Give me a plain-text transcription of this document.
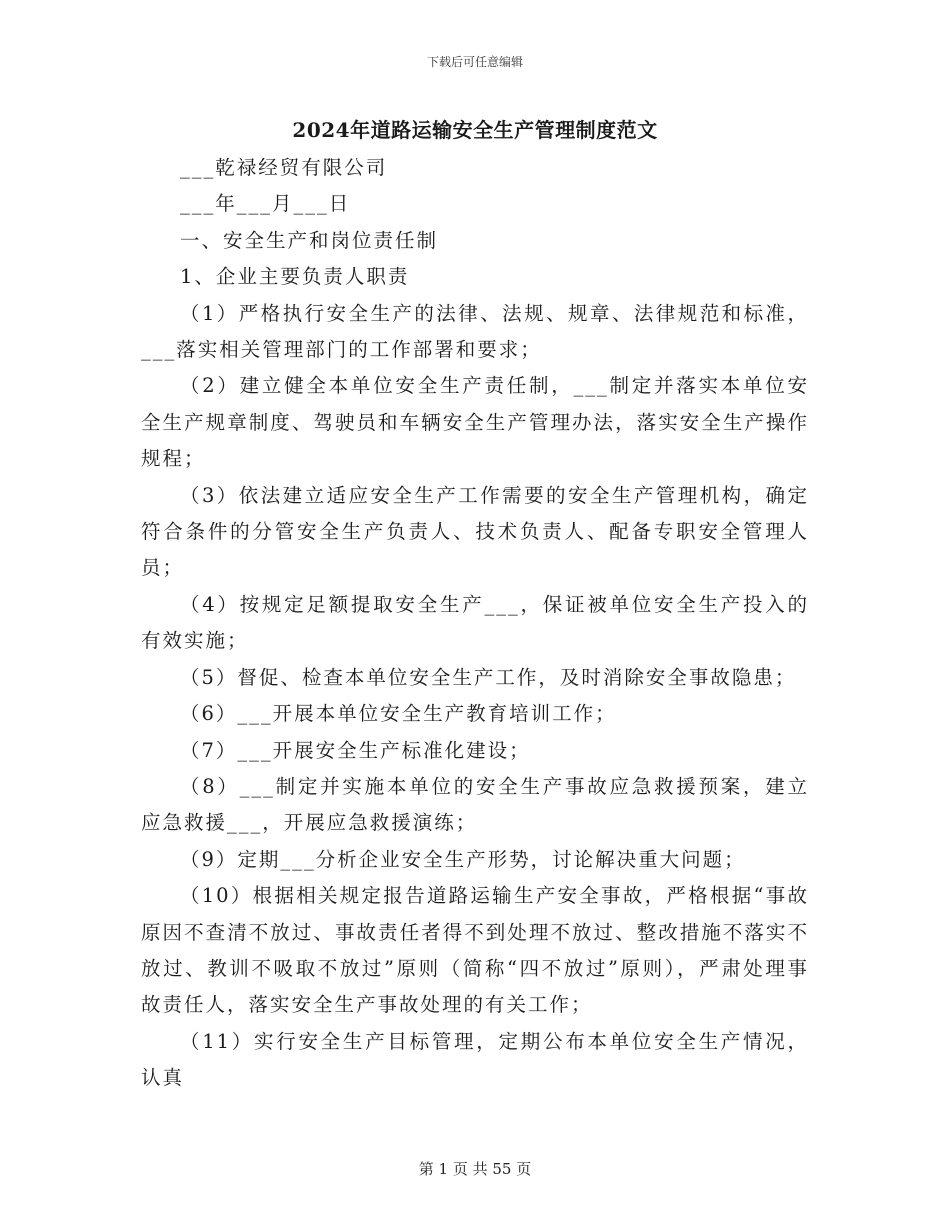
下载后可任意编辑
2024年道路运输安全生产管理制度范文

___乾禄经贸有限公司

___年___月___日

一、安全生产和岗位责任制

1、企业主要负责人职责

（1）严格执行安全生产的法律、法规、规章、法律规范和标准，___落实相关管理部门的工作部署和要求；

（2）建立健全本单位安全生产责任制，___制定并落实本单位安全生产规章制度、驾驶员和车辆安全生产管理办法，落实安全生产操作规程；

（3）依法建立适应安全生产工作需要的安全生产管理机构，确定符合条件的分管安全生产负责人、技术负责人、配备专职安全管理人员；

（4）按规定足额提取安全生产___，保证被单位安全生产投入的有效实施；

（5）督促、检查本单位安全生产工作，及时消除安全事故隐患；

（6）___开展本单位安全生产教育培训工作；

（7）___开展安全生产标准化建设；

（8）___制定并实施本单位的安全生产事故应急救援预案，建立应急救援___，开展应急救援演练；

（9）定期___分析企业安全生产形势，讨论解决重大问题；

（10）根据相关规定报告道路运输生产安全事故，严格根据“事故原因不查清不放过、事故责任者得不到处理不放过、整改措施不落实不放过、教训不吸取不放过”原则（简称“四不放过”原则），严肃处理事故责任人，落实安全生产事故处理的有关工作；

（11）实行安全生产目标管理，定期公布本单位安全生产情况，认真

第 1 页 共 55 页
